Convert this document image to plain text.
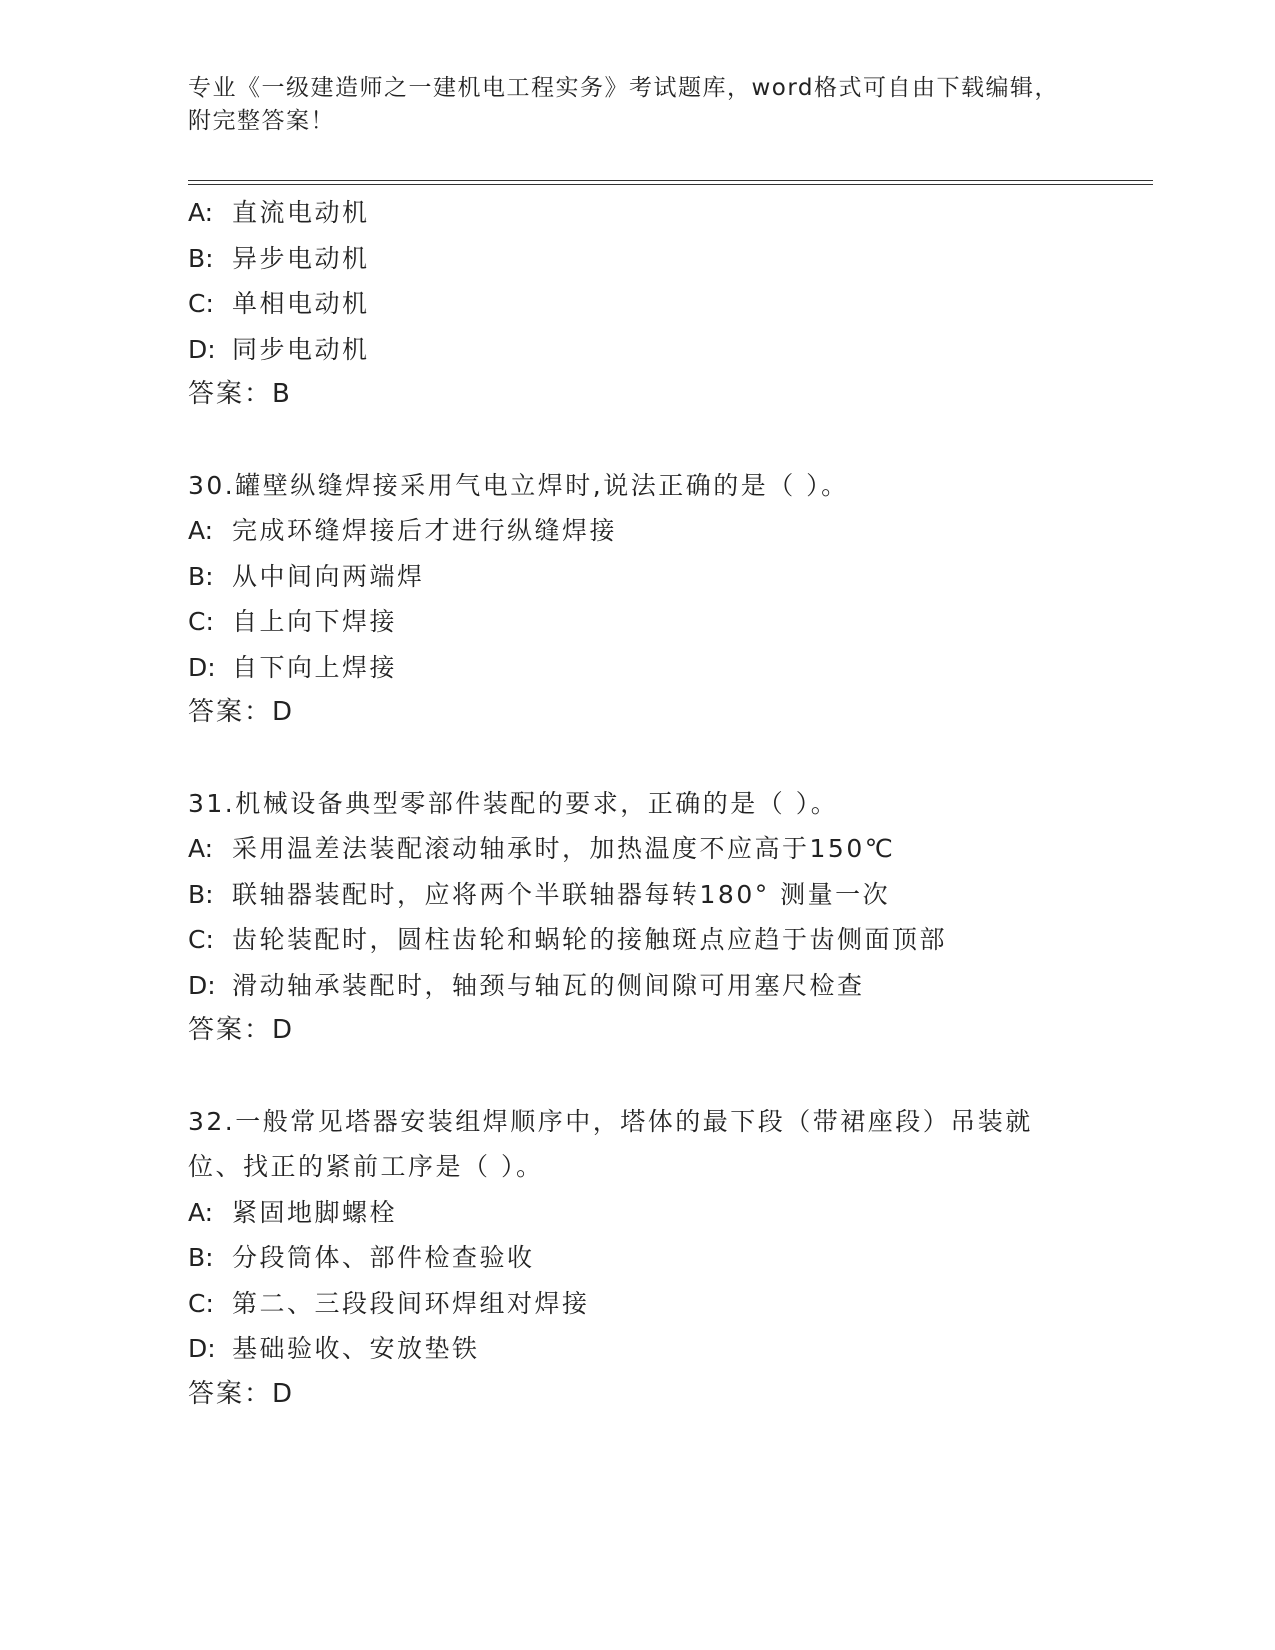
专业《一级建造师之一建机电工程实务》考试题库，word格式可自由下载编辑，
附完整答案！
A: 直流电动机
B: 异步电动机
C: 单相电动机
D: 同步电动机
答案：B
30.罐壁纵缝焊接采用气电立焊时,说法正确的是（ ）。
A: 完成环缝焊接后才进行纵缝焊接
B: 从中间向两端焊
C: 自上向下焊接
D: 自下向上焊接
答案：D
31.机械设备典型零部件装配的要求，正确的是（ ）。
A: 采用温差法装配滚动轴承时，加热温度不应高于150℃
B: 联轴器装配时，应将两个半联轴器每转180° 测量一次
C: 齿轮装配时，圆柱齿轮和蜗轮的接触斑点应趋于齿侧面顶部
D: 滑动轴承装配时，轴颈与轴瓦的侧间隙可用塞尺检查
答案：D
32.一般常见塔器安装组焊顺序中，塔体的最下段（带裙座段）吊装就位、找正的紧前工序是（ ）。
A: 紧固地脚螺栓
B: 分段筒体、部件检查验收
C: 第二、三段段间环焊组对焊接
D: 基础验收、安放垫铁
答案：D
